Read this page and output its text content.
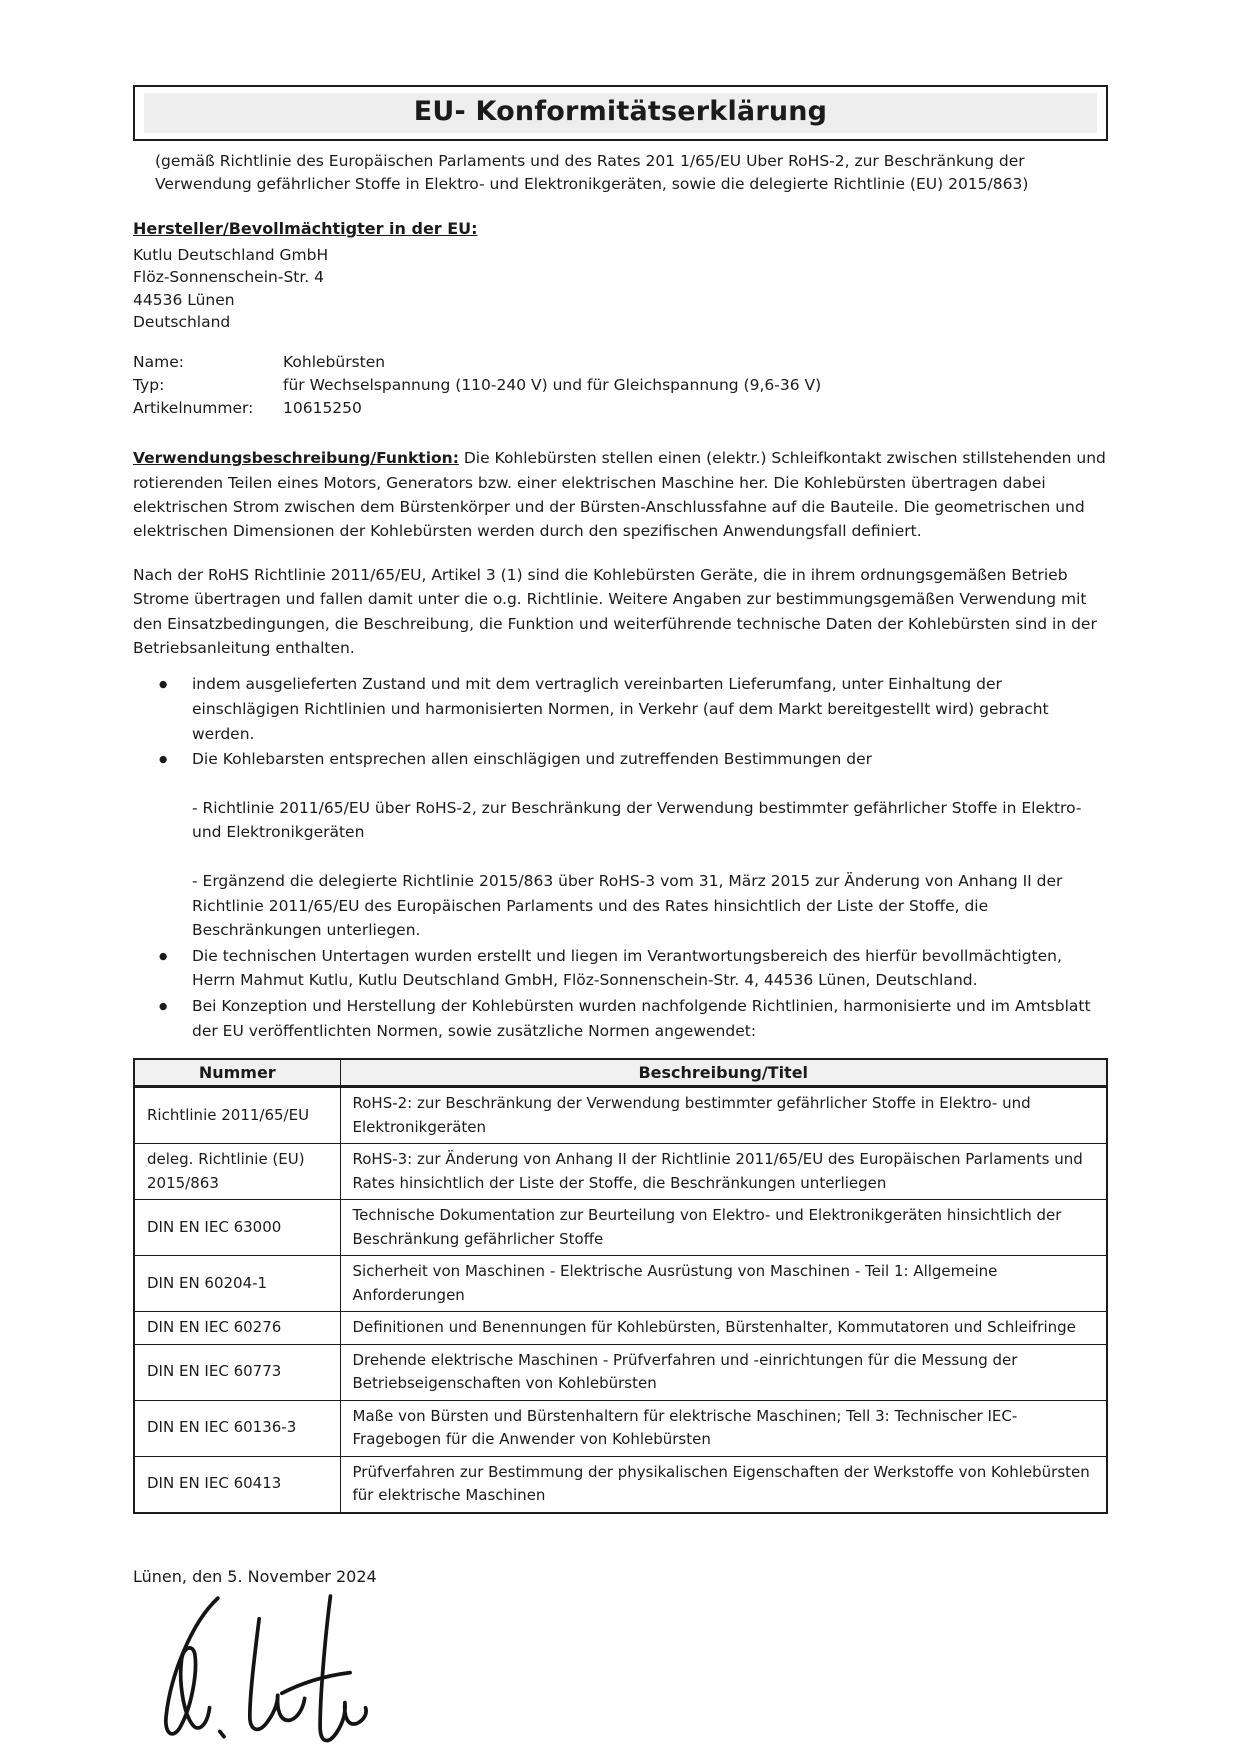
EU- Konformitätserklärung

(gemäß Richtlinie des Europäischen Parlaments und des Rates 201 1/65/EU Uber RoHS-2, zur Beschränkung der Verwendung gefährlicher Stoffe in Elektro- und Elektronikgeräten, sowie die delegierte Richtlinie (EU) 2015/863)

Hersteller/Bevollmächtigter in der EU:

Kutlu Deutschland GmbH

Flöz-Sonnenschein-Str. 4

44536 Lünen

Deutschland

Name:	Kohlebürsten
Typ:	für Wechselspannung (110-240 V) und für Gleichspannung (9,6-36 V)
Artikelnummer:	10615250

Verwendungsbeschreibung/Funktion: Die Kohlebürsten stellen einen (elektr.) Schleifkontakt zwischen stillstehenden und rotierenden Teilen eines Motors, Generators bzw. einer elektrischen Maschine her. Die Kohlebürsten übertragen dabei elektrischen Strom zwischen dem Bürstenkörper und der Bürsten-Anschlussfahne auf die Bauteile. Die geometrischen und elektrischen Dimensionen der Kohlebürsten werden durch den spezifischen Anwendungsfall definiert.

Nach der RoHS Richtlinie 2011/65/EU, Artikel 3 (1) sind die Kohlebürsten Geräte, die in ihrem ordnungsgemäßen Betrieb Strome übertragen und fallen damit unter die o.g. Richtlinie. Weitere Angaben zur bestimmungsgemäßen Verwendung mit den Einsatzbedingungen, die Beschreibung, die Funktion und weiterführende technische Daten der Kohlebürsten sind in der Betriebsanleitung enthalten.

● indem ausgelieferten Zustand und mit dem vertraglich vereinbarten Lieferumfang, unter Einhaltung der einschlägigen Richtlinien und harmonisierten Normen, in Verkehr (auf dem Markt bereitgestellt wird) gebracht werden.

● Die Kohlebarsten entsprechen allen einschlägigen und zutreffenden Bestimmungen der

- Richtlinie 2011/65/EU über RoHS-2, zur Beschränkung der Verwendung bestimmter gefährlicher Stoffe in Elektro- und Elektronikgeräten

- Ergänzend die delegierte Richtlinie 2015/863 über RoHS-3 vom 31, März 2015 zur Änderung von Anhang II der Richtlinie 2011/65/EU des Europäischen Parlaments und des Rates hinsichtlich der Liste der Stoffe, die Beschränkungen unterliegen.

● Die technischen Untertagen wurden erstellt und liegen im Verantwortungsbereich des hierfür bevollmächtigten, Herrn Mahmut Kutlu, Kutlu Deutschland GmbH, Flöz-Sonnenschein-Str. 4, 44536 Lünen, Deutschland.

● Bei Konzeption und Herstellung der Kohlebürsten wurden nachfolgende Richtlinien, harmonisierte und im Amtsblatt der EU veröffentlichten Normen, sowie zusätzliche Normen angewendet:

Nummer	Beschreibung/Titel
Richtlinie 2011/65/EU	RoHS-2: zur Beschränkung der Verwendung bestimmter gefährlicher Stoffe in Elektro- und Elektronikgeräten
deleg. Richtlinie (EU) 2015/863	RoHS-3: zur Änderung von Anhang II der Richtlinie 2011/65/EU des Europäischen Parlaments und Rates hinsichtlich der Liste der Stoffe, die Beschränkungen unterliegen
DIN EN IEC 63000	Technische Dokumentation zur Beurteilung von Elektro- und Elektronikgeräten hinsichtlich der Beschränkung gefährlicher Stoffe
DIN EN 60204-1	Sicherheit von Maschinen - Elektrische Ausrüstung von Maschinen - Teil 1: Allgemeine Anforderungen
DIN EN IEC 60276	Definitionen und Benennungen für Kohlebürsten, Bürstenhalter, Kommutatoren und Schleifringe
DIN EN IEC 60773	Drehende elektrische Maschinen - Prüfverfahren und -einrichtungen für die Messung der Betriebseigenschaften von Kohlebürsten
DIN EN IEC 60136-3	Maße von Bürsten und Bürstenhaltern für elektrische Maschinen; Tell 3: Technischer IEC-Fragebogen für die Anwender von Kohlebürsten
DIN EN IEC 60413	Prüfverfahren zur Bestimmung der physikalischen Eigenschaften der Werkstoffe von Kohlebürsten für elektrische Maschinen

Lünen, den 5. November 2024
